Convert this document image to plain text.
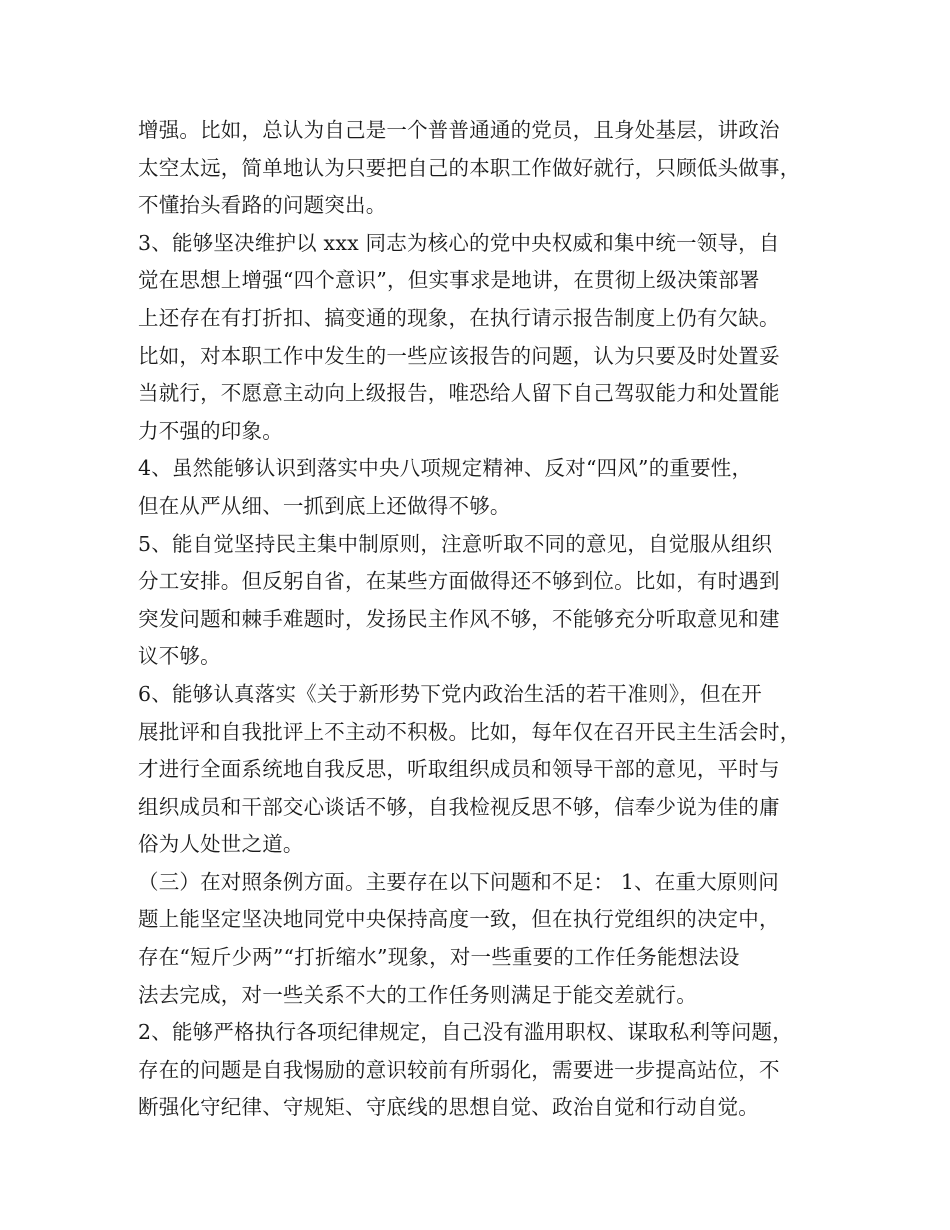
增强。比如，总认为自己是一个普普通通的党员，且身处基层，讲政治
太空太远，简单地认为只要把自己的本职工作做好就行，只顾低头做事，
不懂抬头看路的问题突出。
3、能够坚决维护以 xxx 同志为核心的党中央权威和集中统一领导，自
觉在思想上增强“四个意识”，但实事求是地讲，在贯彻上级决策部署
上还存在有打折扣、搞变通的现象，在执行请示报告制度上仍有欠缺。
比如，对本职工作中发生的一些应该报告的问题，认为只要及时处置妥
当就行，不愿意主动向上级报告，唯恐给人留下自己驾驭能力和处置能
力不强的印象。
4、虽然能够认识到落实中央八项规定精神、反对“四风”的重要性，
但在从严从细、一抓到底上还做得不够。
5、能自觉坚持民主集中制原则，注意听取不同的意见，自觉服从组织
分工安排。但反躬自省，在某些方面做得还不够到位。比如，有时遇到
突发问题和棘手难题时，发扬民主作风不够，不能够充分听取意见和建
议不够。
6、能够认真落实《关于新形势下党内政治生活的若干准则》，但在开
展批评和自我批评上不主动不积极。比如，每年仅在召开民主生活会时，
才进行全面系统地自我反思，听取组织成员和领导干部的意见，平时与
组织成员和干部交心谈话不够，自我检视反思不够，信奉少说为佳的庸
俗为人处世之道。
（三）在对照条例方面。主要存在以下问题和不足： 1、在重大原则问
题上能坚定坚决地同党中央保持高度一致，但在执行党组织的决定中，
存在“短斤少两”“打折缩水”现象，对一些重要的工作任务能想法设
法去完成，对一些关系不大的工作任务则满足于能交差就行。
2、能够严格执行各项纪律规定，自己没有滥用职权、谋取私利等问题，
存在的问题是自我惕励的意识较前有所弱化，需要进一步提高站位，不
断强化守纪律、守规矩、守底线的思想自觉、政治自觉和行动自觉。
